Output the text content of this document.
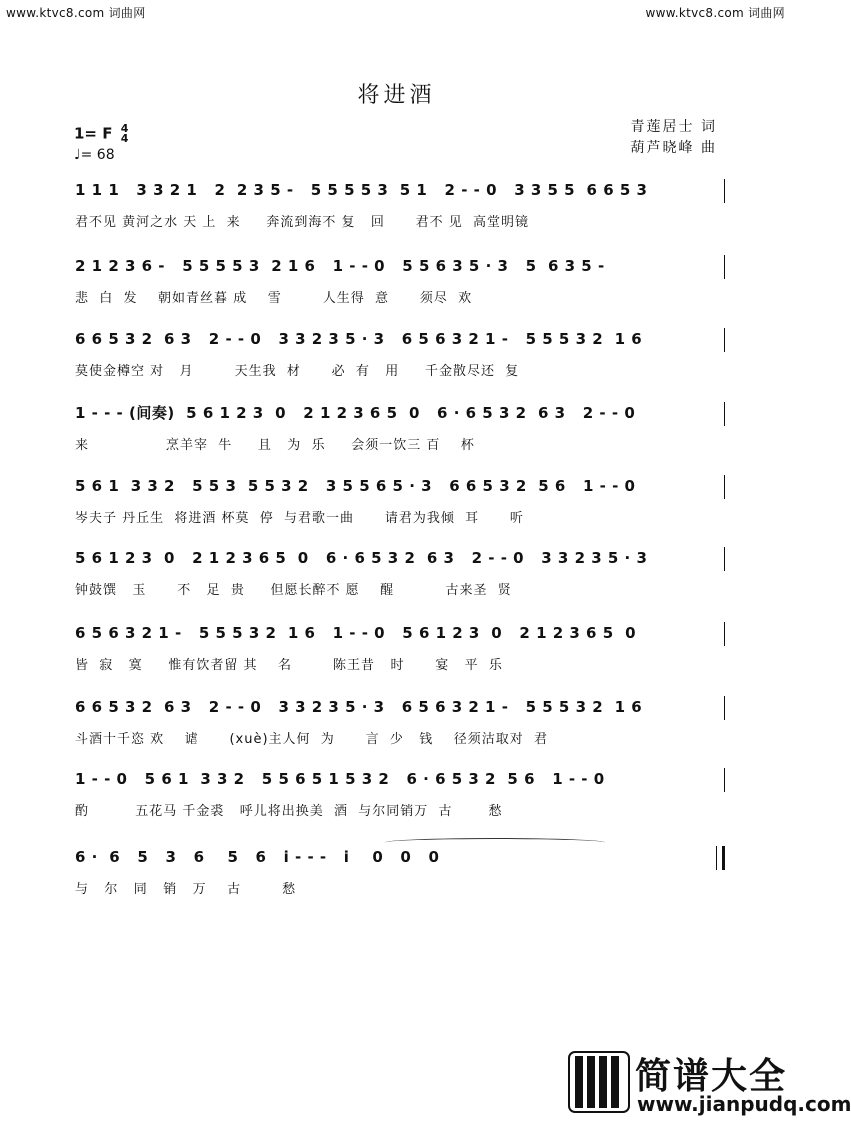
www.ktvc8.com 词曲网	www.ktvc8.com 词曲网
将进酒
1= F 4
4
♩= 68
青莲居士 词
葫芦晓峰 曲
1 1 1   3 3 2 1   2  2 3 5 -   5 5 5 5 3  5 1   2 - - 0   3 3 5 5  6 6 5 3
君不见 黄河之水 天 上  来     奔流到海不 复   回      君不 见  高堂明镜
2 1 2 3 6 -   5 5 5 5 3  2 1 6   1 - - 0   5 5 6 3 5 · 3   5  6 3 5 -
悲  白  发    朝如青丝暮 成    雪        人生得  意      须尽  欢
6 6 5 3 2  6 3   2 - - 0   3 3 2 3 5 · 3   6 5 6 3 2 1 -   5 5 5 3 2  1 6
莫使金樽空 对   月        天生我  材      必  有   用     千金散尽还  复
1 - - - (间奏)  5 6 1 2 3  0   2 1 2 3 6 5  0   6 · 6 5 3 2  6 3   2 - - 0
来               烹羊宰  牛     且   为  乐     会须一饮三 百    杯
5 6 1  3 3 2   5 5 3  5 5 3 2   3 5 5 6 5 · 3   6 6 5 3 2  5 6   1 - - 0
岑夫子 丹丘生  将进酒 杯莫  停  与君歌一曲      请君为我倾  耳      听
5 6 1 2 3  0   2 1 2 3 6 5  0   6 · 6 5 3 2  6 3   2 - - 0   3 3 2 3 5 · 3
钟鼓馔   玉      不   足  贵     但愿长醉不 愿    醒          古来圣  贤
6 5 6 3 2 1 -   5 5 5 3 2  1 6   1 - - 0   5 6 1 2 3  0   2 1 2 3 6 5  0
皆  寂   寞     惟有饮者留 其    名        陈王昔   时      宴   平  乐
6 6 5 3 2  6 3   2 - - 0   3 3 2 3 5 · 3   6 5 6 3 2 1 -   5 5 5 3 2  1 6
斗酒十千恣 欢    谑      (xuè)主人何  为      言  少   钱    径须沽取对  君
1 - - 0   5 6 1  3 3 2   5 5 6 5 1 5 3 2   6 · 6 5 3 2  5 6   1 - - 0
酌         五花马 千金裘   呼儿将出换美  酒  与尔同销万  古       愁
6 ·  6   5   3   6    5   6   i - - -   i    0   0   0
与   尔   同   销   万    古        愁
简谱大全
www.jianpudq.com
